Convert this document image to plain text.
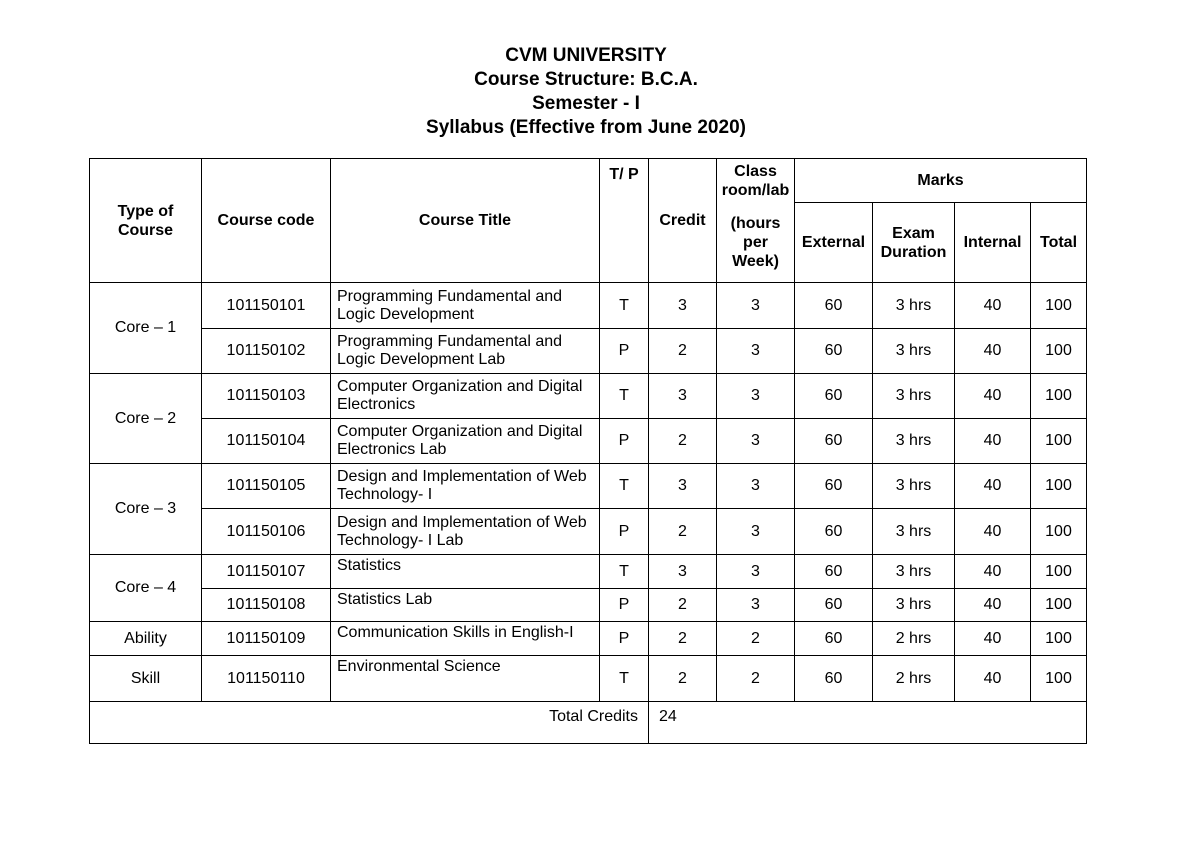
CVM UNIVERSITY
Course Structure: B.C.A.
Semester - I
Syllabus (Effective from June 2020)
Type of Course	Course code	Course Title	T/ P	Credit	Class room/lab	Marks			
					(hours per Week)	External	Exam Duration	Internal	Total
Core – 1	101150101	Programming Fundamental and Logic Development	T	3	3	60	3 hrs	40	100
	101150102	Programming Fundamental and Logic Development Lab	P	2	3	60	3 hrs	40	100
Core – 2	101150103	Computer Organization and Digital Electronics	T	3	3	60	3 hrs	40	100
	101150104	Computer Organization and Digital Electronics Lab	P	2	3	60	3 hrs	40	100
Core – 3	101150105	Design and Implementation of Web Technology- I	T	3	3	60	3 hrs	40	100
	101150106	Design and Implementation of Web Technology- I Lab	P	2	3	60	3 hrs	40	100
Core – 4	101150107	Statistics	T	3	3	60	3 hrs	40	100
	101150108	Statistics Lab	P	2	3	60	3 hrs	40	100
Ability	101150109	Communication Skills in English-I	P	2	2	60	2 hrs	40	100
Skill	101150110	Environmental Science	T	2	2	60	2 hrs	40	100
Total Credits				24					
